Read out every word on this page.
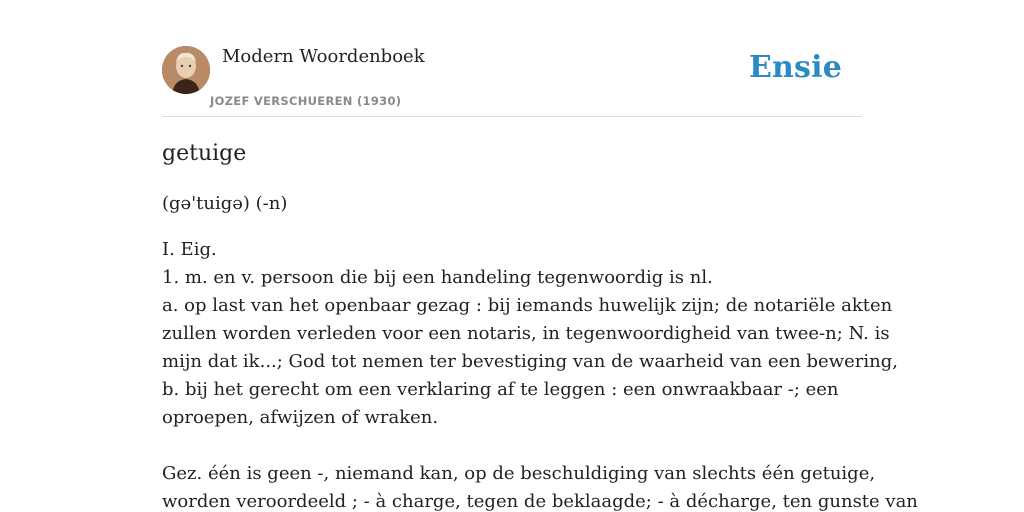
Modern Woordenboek
JOZEF VERSCHUEREN (1930)
Ensie
getuige

(gə'tuigə) (-n)

I. Eig.
1. m. en v. persoon die bij een handeling tegenwoordig is nl.
a. op last van het openbaar gezag : bij iemands huwelijk zijn; de notariële akten
zullen worden verleden voor een notaris, in tegenwoordigheid van twee-n; N. is
mijn dat ik...; God tot nemen ter bevestiging van de waarheid van een bewering,
b. bij het gerecht om een verklaring af te leggen : een onwraakbaar -; een
oproepen, afwijzen of wraken.
Gez. één is geen -, niemand kan, op de beschuldiging van slechts één getuige,
worden veroordeeld ; - à charge, tegen de beklaagde; - à décharge, ten gunste van
